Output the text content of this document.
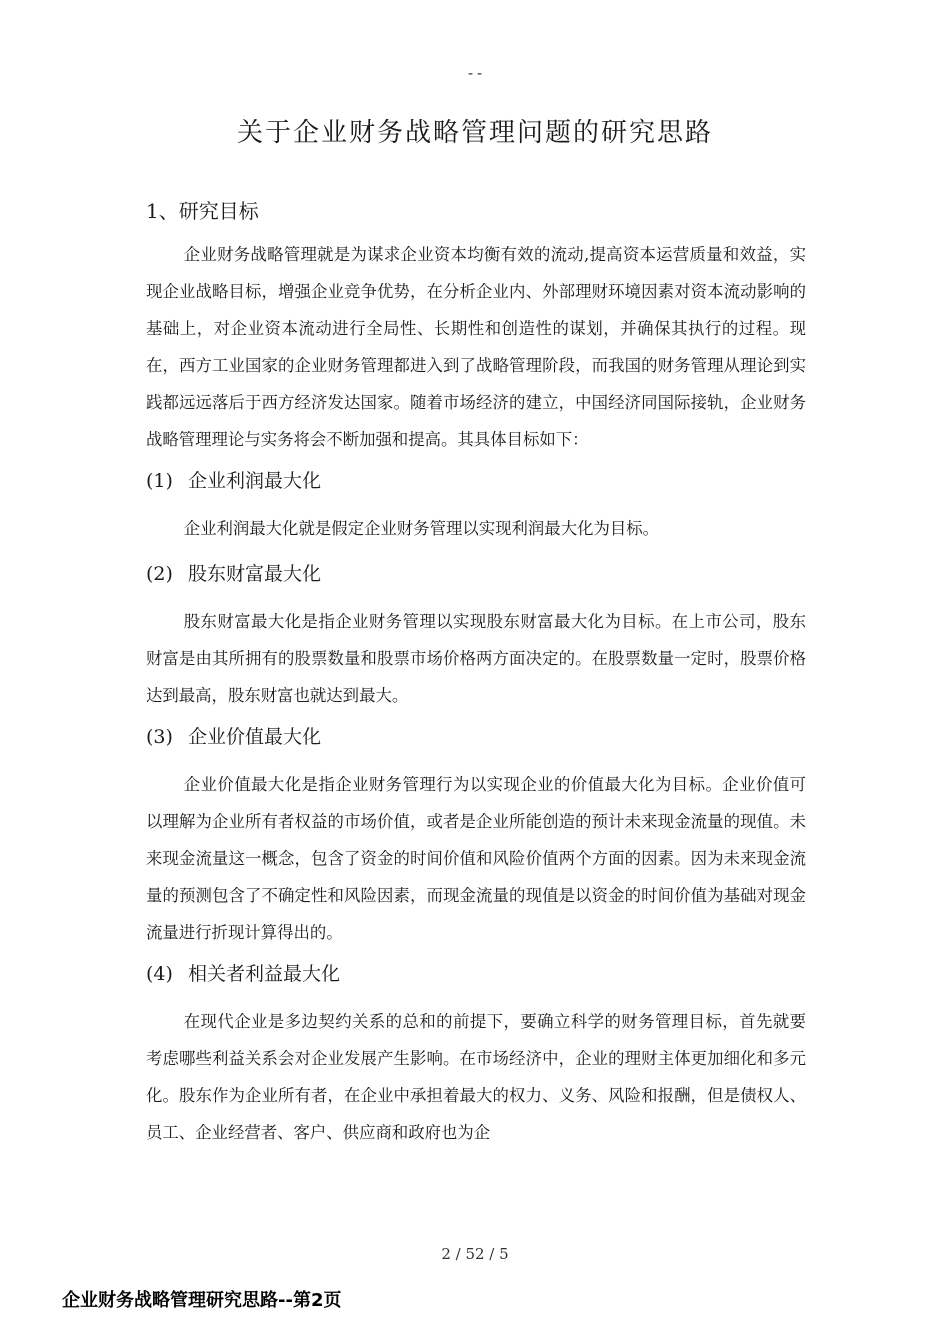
--
关于企业财务战略管理问题的研究思路
1、研究目标

企业财务战略管理就是为谋求企业资本均衡有效的流动,提高资本运营质量和效益，实现企业战略目标，增强企业竞争优势，在分析企业内、外部理财环境因素对资本流动影响的基础上，对企业资本流动进行全局性、长期性和创造性的谋划，并确保其执行的过程。现在，西方工业国家的企业财务管理都进入到了战略管理阶段，而我国的财务管理从理论到实践都远远落后于西方经济发达国家。随着市场经济的建立，中国经济同国际接轨，企业财务战略管理理论与实务将会不断加强和提高。其具体目标如下：

(1) 企业利润最大化

企业利润最大化就是假定企业财务管理以实现利润最大化为目标。

(2) 股东财富最大化

股东财富最大化是指企业财务管理以实现股东财富最大化为目标。在上市公司，股东财富是由其所拥有的股票数量和股票市场价格两方面决定的。在股票数量一定时，股票价格达到最高，股东财富也就达到最大。

(3) 企业价值最大化

企业价值最大化是指企业财务管理行为以实现企业的价值最大化为目标。企业价值可以理解为企业所有者权益的市场价值，或者是企业所能创造的预计未来现金流量的现值。未来现金流量这一概念，包含了资金的时间价值和风险价值两个方面的因素。因为未来现金流量的预测包含了不确定性和风险因素，而现金流量的现值是以资金的时间价值为基础对现金流量进行折现计算得出的。

(4) 相关者利益最大化

在现代企业是多边契约关系的总和的前提下，要确立科学的财务管理目标，首先就要考虑哪些利益关系会对企业发展产生影响。在市场经济中，企业的理财主体更加细化和多元化。股东作为企业所有者，在企业中承担着最大的权力、义务、风险和报酬，但是债权人、员工、企业经营者、客户、供应商和政府也为企

2 / 52 / 5
企业财务战略管理研究思路--第2页
